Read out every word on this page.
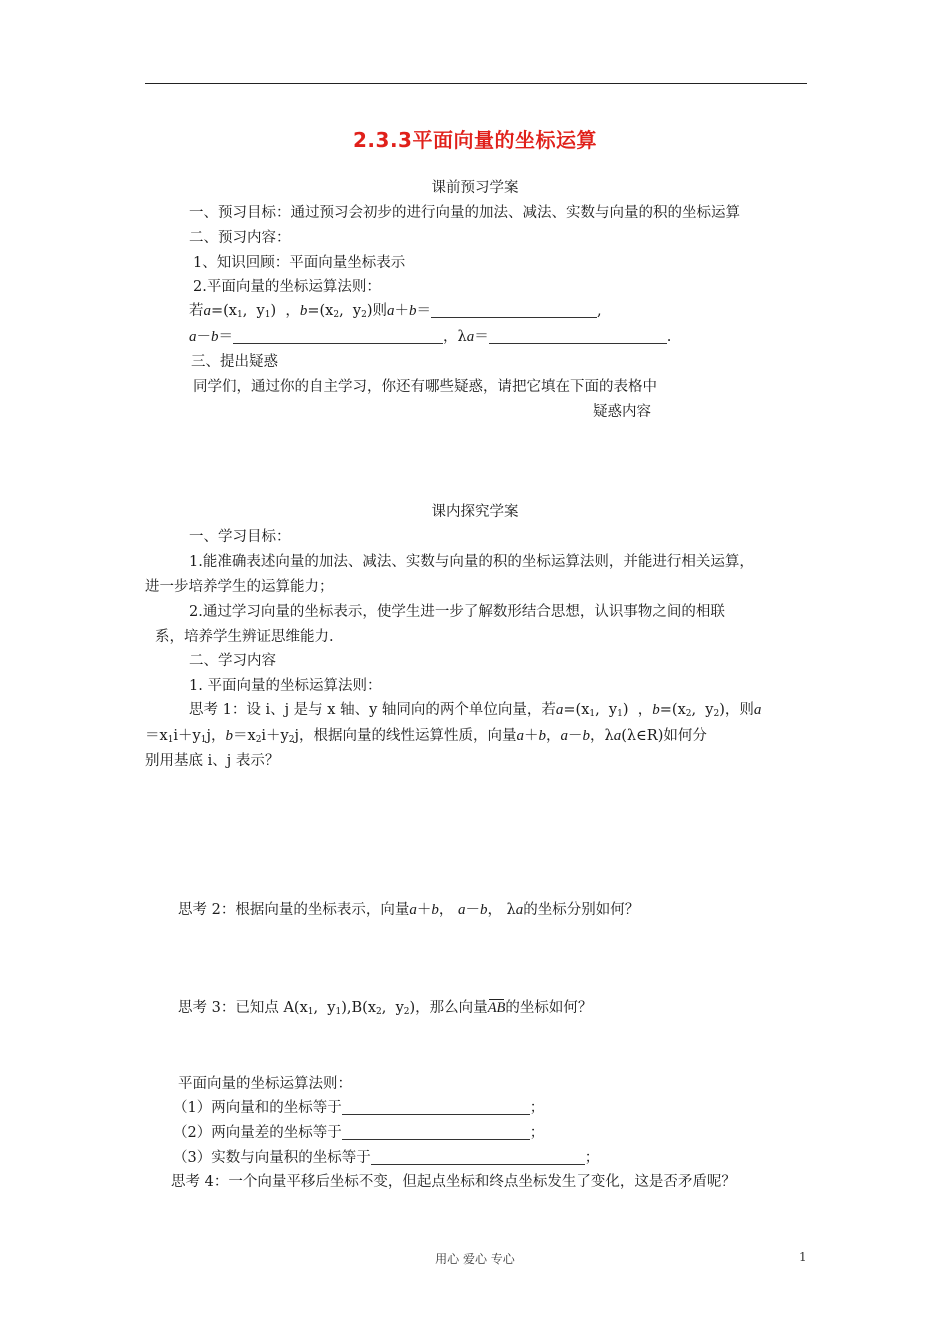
2.3.3平面向量的坐标运算
课前预习学案
一、预习目标：通过预习会初步的进行向量的加法、减法、实数与向量的积的坐标运算
二、预习内容：
1、知识回顾：平面向量坐标表示
2.平面向量的坐标运算法则：
若$a=(x_1$,  $y_1$)  ，$b=(x_2$,  $y_2$)则a＋b＝	,
a－b＝	，λa＝	.
三、提出疑惑
同学们，通过你的自主学习，你还有哪些疑惑，请把它填在下面的表格中
疑惑内容
课内探究学案
一、学习目标：
1.能准确表述向量的加法、减法、实数与向量的积的坐标运算法则，并能进行相关运算，
进一步培养学生的运算能力；
2.通过学习向量的坐标表示，使学生进一步了解数形结合思想，认识事物之间的相联
系，培养学生辨证思维能力.
二、学习内容
1. 平面向量的坐标运算法则：
思考 1：设 i、j 是与 x 轴、y 轴同向的两个单位向量，若$a=(x_1$,  $y_1$)  ，$b=(x_2$,  $y_2$)，则a
$=x_1i+y_1j$，$b=x_2i+y_2j$，根据向量的线性运算性质，向量a＋b，a－b，λa(λ∈R)如何分
别用基底 i、j 表示？
思考 2：根据向量的坐标表示，向量a＋b， a－b， λa的坐标分别如何？
思考 3：已知点 $A(x_1$,  $y_1),B(x_2$,  $y_2$)，那么向量AB的坐标如何？
平面向量的坐标运算法则：
（1）两向量和的坐标等于	；
（2）两向量差的坐标等于	；
（3）实数与向量积的坐标等于	；
思考 4：一个向量平移后坐标不变，但起点坐标和终点坐标发生了变化，这是否矛盾呢？
用心 爱心 专心	1
